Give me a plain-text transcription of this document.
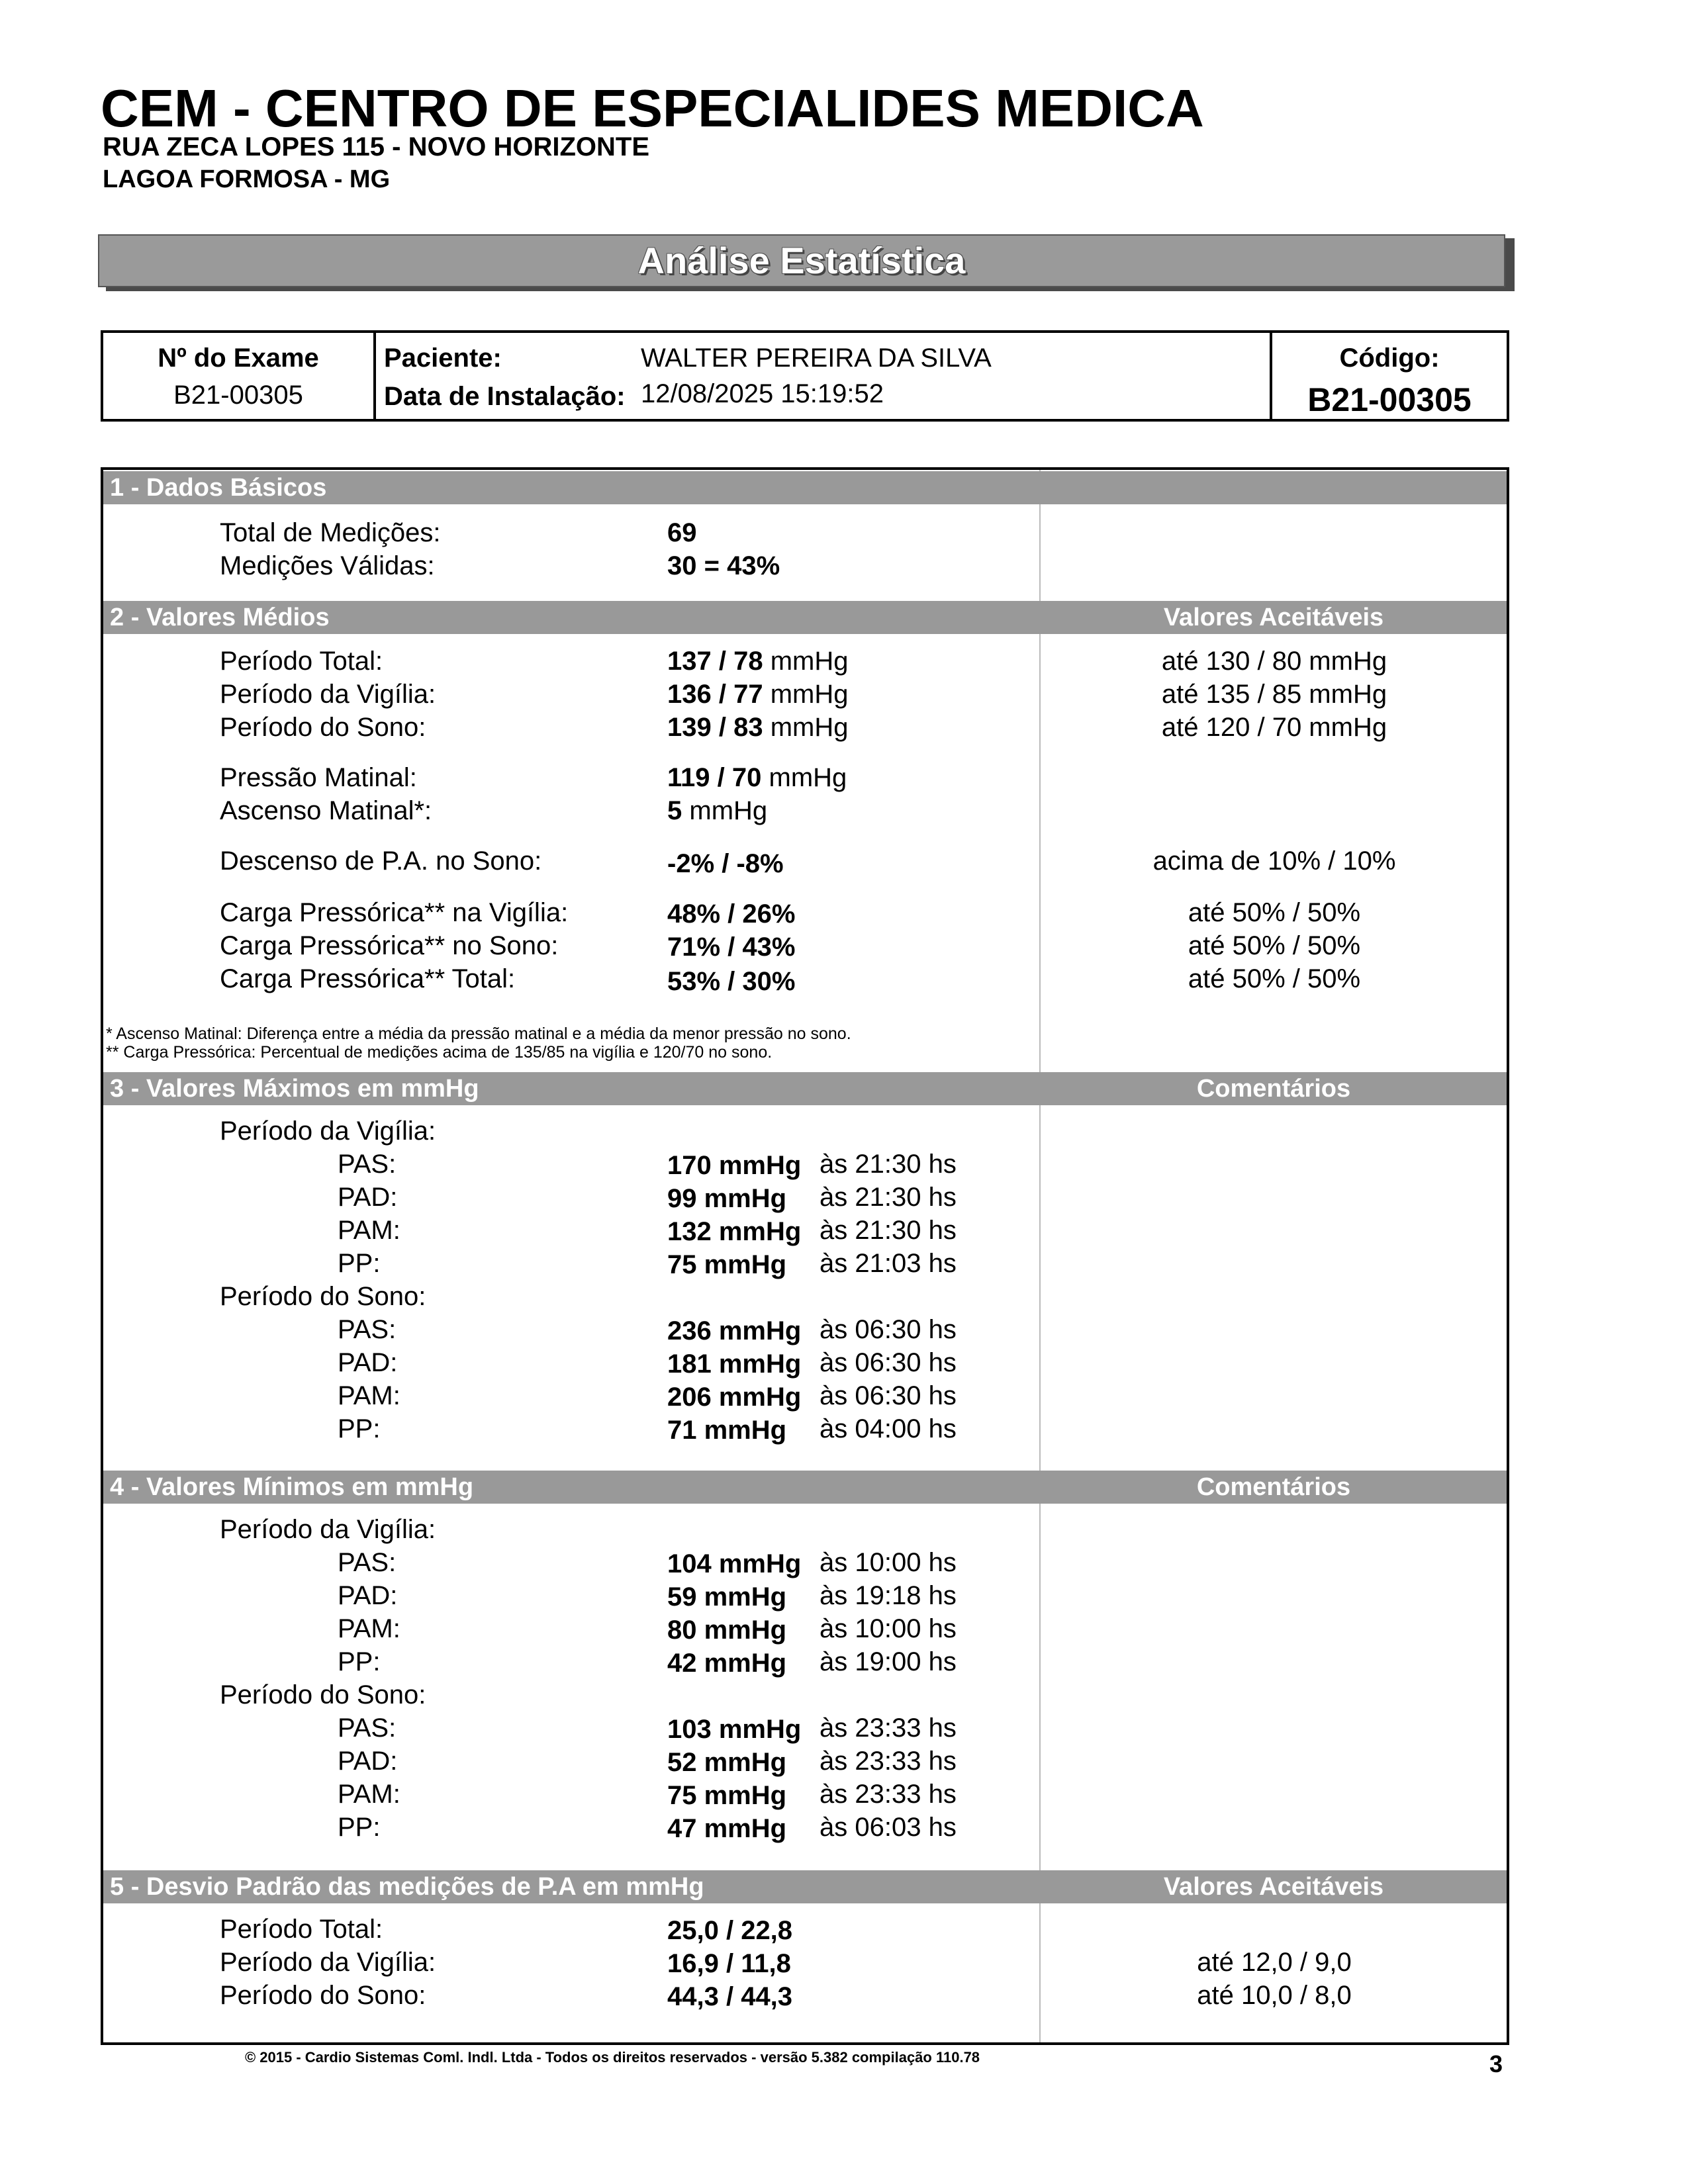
CEM - CENTRO DE ESPECIALIDES MEDICA
RUA ZECA LOPES 115 - NOVO HORIZONTE
LAGOA FORMOSA - MG
Análise Estatística
Nº do Exame
B21-00305
Paciente:	WALTER PEREIRA DA SILVA
Data de Instalação: 12/08/2025 15:19:52
Código:
B21-00305
1 - Dados Básicos
Total de Medições:	69
Medições Válidas:	30 = 43%
2 - Valores Médios	Valores Aceitáveis
Período Total:	137 / 78 mmHg	até 130 / 80 mmHg
Período da Vigília:	136 / 77 mmHg	até 135 / 85 mmHg
Período do Sono:	139 / 83 mmHg	até 120 / 70 mmHg
Pressão Matinal:	119 / 70 mmHg
Ascenso Matinal*:	5 mmHg
Descenso de P.A. no Sono:	-2% / -8%	acima de 10% / 10%
Carga Pressórica** na Vigília:	48% / 26%	até 50% / 50%
Carga Pressórica** no Sono:	71% / 43%	até 50% / 50%
Carga Pressórica** Total:	53% / 30%	até 50% / 50%
* Ascenso Matinal: Diferença entre a média da pressão matinal e a média da menor pressão no sono.
** Carga Pressórica: Percentual de medições acima de 135/85 na vigília e 120/70 no sono.
3 - Valores Máximos em mmHg	Comentários
Período da Vigília:
PAS:	170 mmHg às 21:30 hs
PAD:	99 mmHg às 21:30 hs
PAM:	132 mmHg às 21:30 hs
PP:	75 mmHg às 21:03 hs
Período do Sono:
PAS:	236 mmHg às 06:30 hs
PAD:	181 mmHg às 06:30 hs
PAM:	206 mmHg às 06:30 hs
PP:	71 mmHg às 04:00 hs
4 - Valores Mínimos em mmHg	Comentários
Período da Vigília:
PAS:	104 mmHg às 10:00 hs
PAD:	59 mmHg às 19:18 hs
PAM:	80 mmHg às 10:00 hs
PP:	42 mmHg às 19:00 hs
Período do Sono:
PAS:	103 mmHg às 23:33 hs
PAD:	52 mmHg às 23:33 hs
PAM:	75 mmHg às 23:33 hs
PP:	47 mmHg às 06:03 hs
5 - Desvio Padrão das medições de P.A em mmHg	Valores Aceitáveis
Período Total:	25,0 / 22,8
Período da Vigília:	16,9 / 11,8	até 12,0 / 9,0
Período do Sono:	44,3 / 44,3	até 10,0 / 8,0
© 2015 - Cardio Sistemas Coml. Indl. Ltda - Todos os direitos reservados - versão 5.382 compilação 110.78	3
